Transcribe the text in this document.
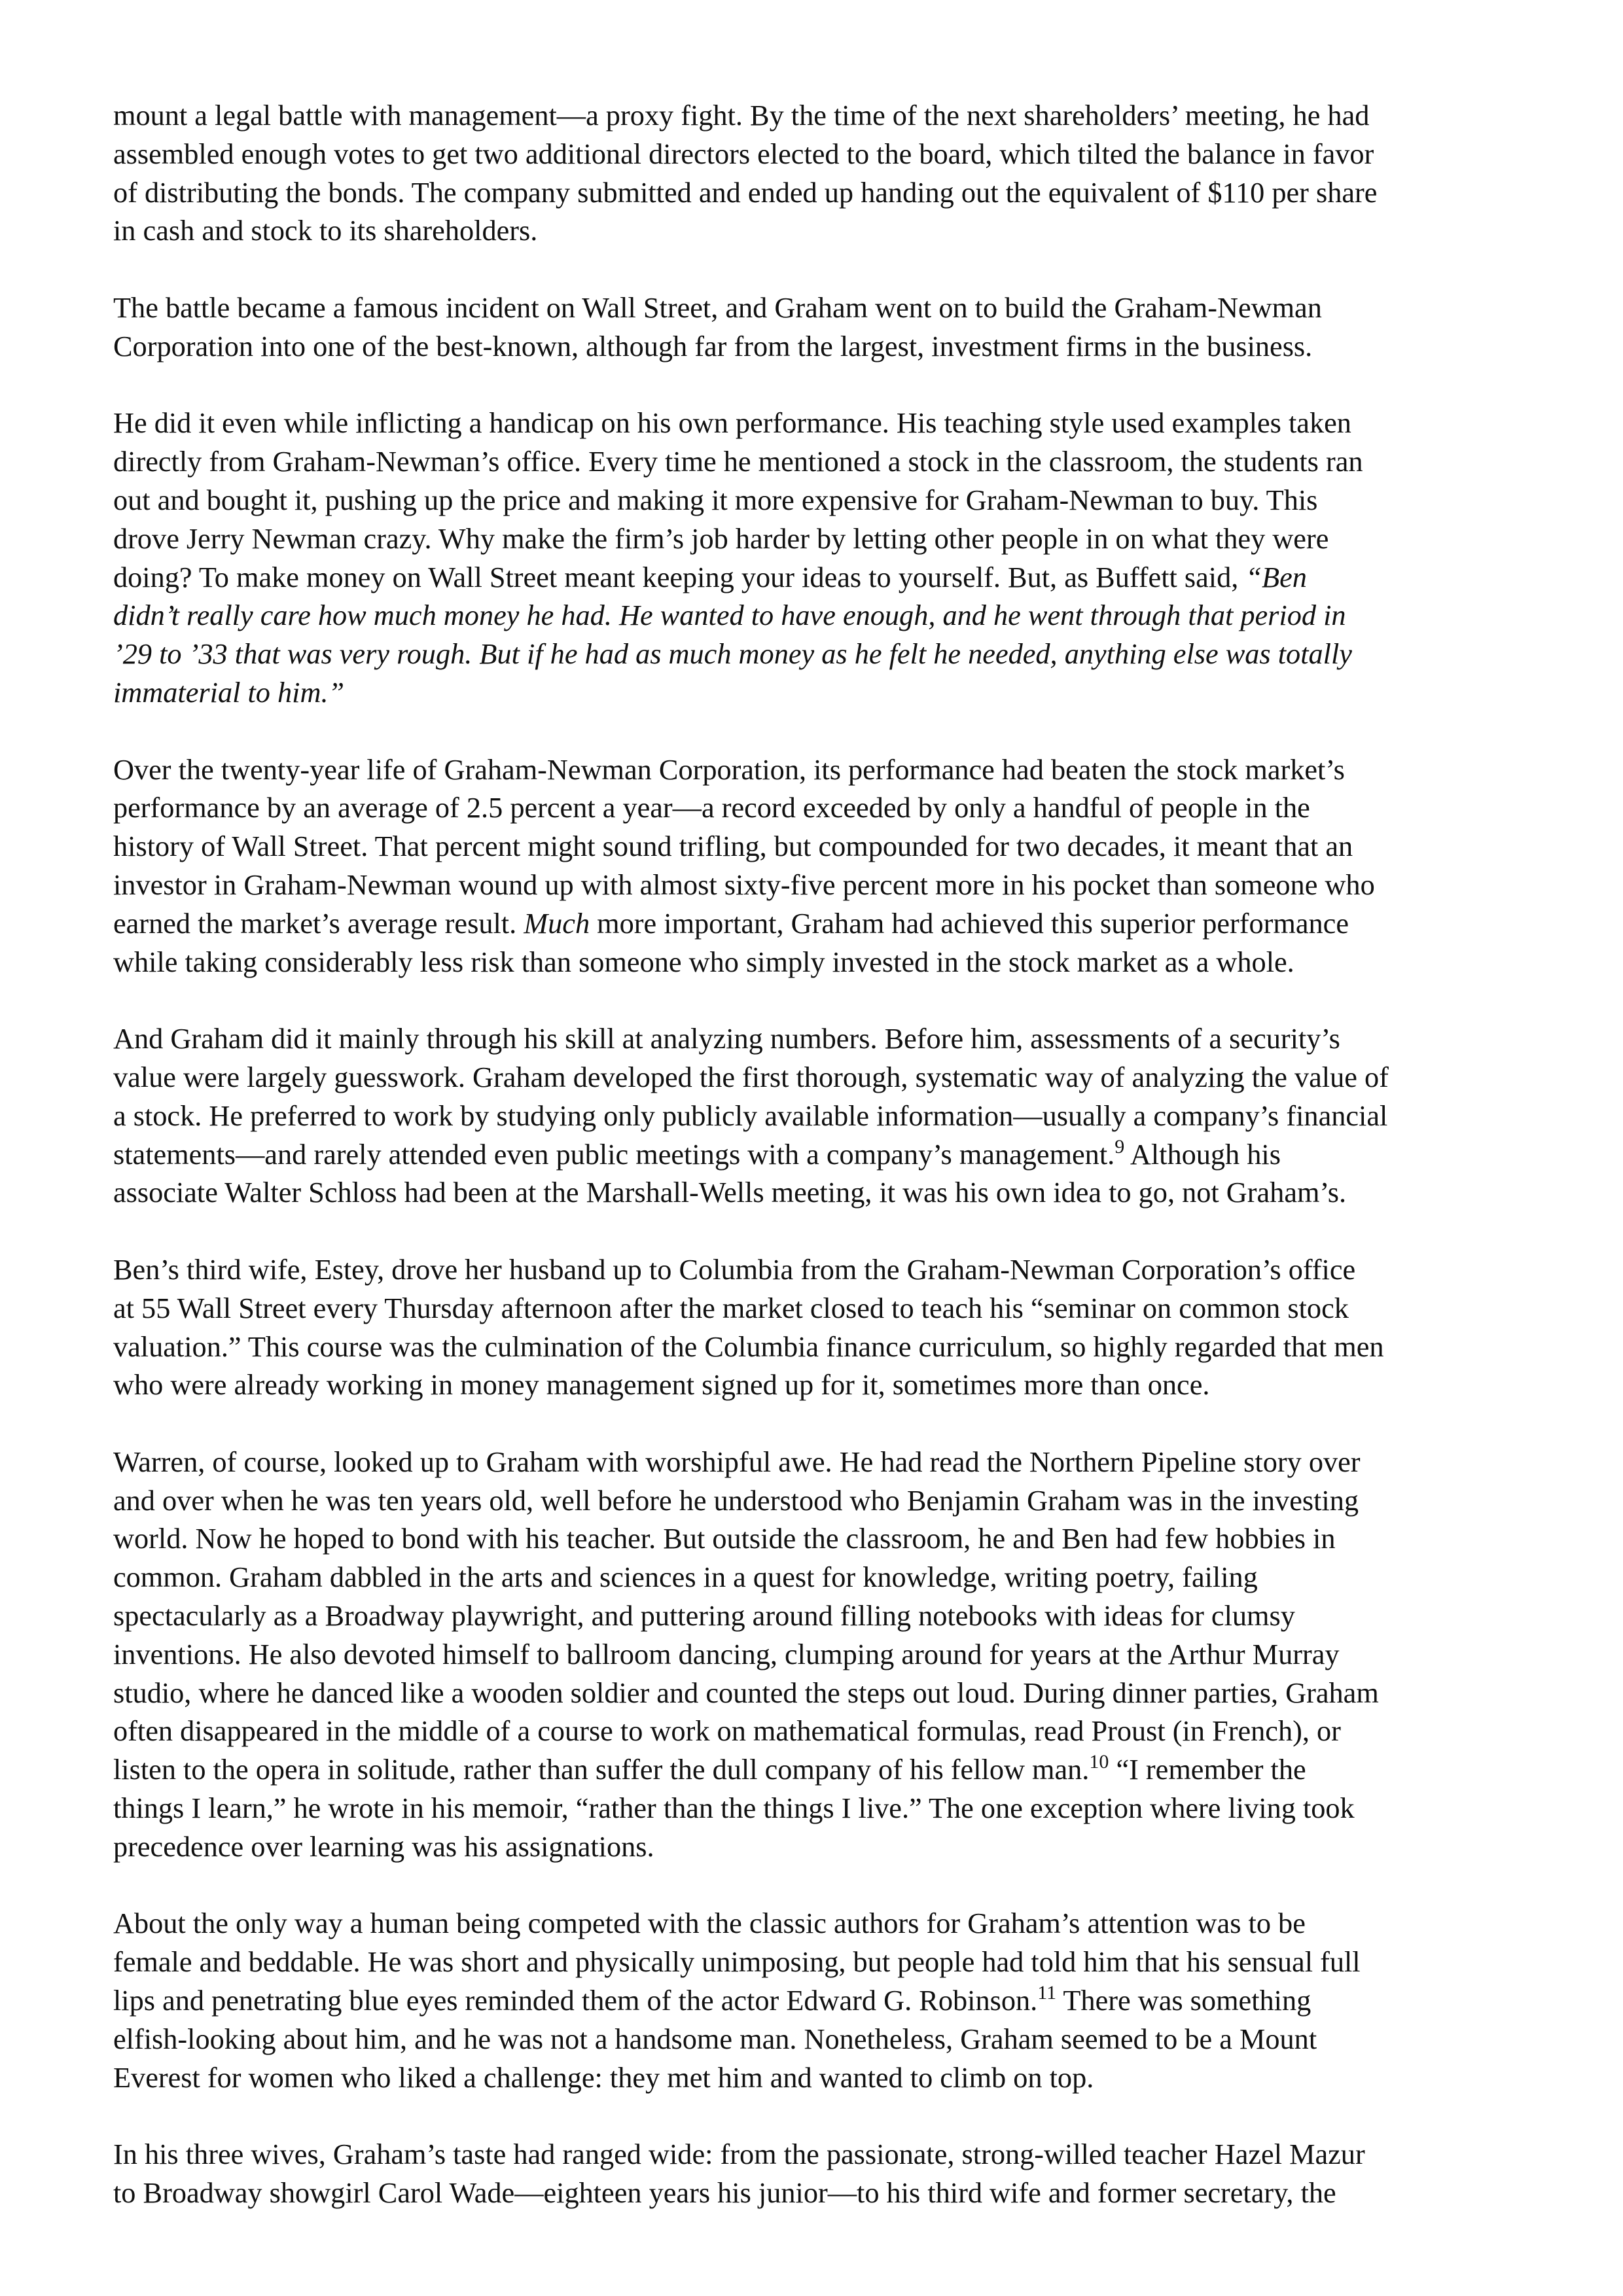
mount a legal battle with management—a proxy fight. By the time of the next shareholders’ meeting, he had
assembled enough votes to get two additional directors elected to the board, which tilted the balance in favor
of distributing the bonds. The company submitted and ended up handing out the equivalent of $110 per share
in cash and stock to its shareholders.

The battle became a famous incident on Wall Street, and Graham went on to build the Graham-Newman
Corporation into one of the best-known, although far from the largest, investment firms in the business.

He did it even while inflicting a handicap on his own performance. His teaching style used examples taken
directly from Graham-Newman’s office. Every time he mentioned a stock in the classroom, the students ran
out and bought it, pushing up the price and making it more expensive for Graham-Newman to buy. This
drove Jerry Newman crazy. Why make the firm’s job harder by letting other people in on what they were
doing? To make money on Wall Street meant keeping your ideas to yourself. But, as Buffett said, “Ben
didn’t really care how much money he had. He wanted to have enough, and he went through that period in
’29 to ’33 that was very rough. But if he had as much money as he felt he needed, anything else was totally
immaterial to him.”

Over the twenty-year life of Graham-Newman Corporation, its performance had beaten the stock market’s
performance by an average of 2.5 percent a year—a record exceeded by only a handful of people in the
history of Wall Street. That percent might sound trifling, but compounded for two decades, it meant that an
investor in Graham-Newman wound up with almost sixty-five percent more in his pocket than someone who
earned the market’s average result. Much more important, Graham had achieved this superior performance
while taking considerably less risk than someone who simply invested in the stock market as a whole.

And Graham did it mainly through his skill at analyzing numbers. Before him, assessments of a security’s
value were largely guesswork. Graham developed the first thorough, systematic way of analyzing the value of
a stock. He preferred to work by studying only publicly available information—usually a company’s financial
statements—and rarely attended even public meetings with a company’s management.$^9$ Although his
associate Walter Schloss had been at the Marshall-Wells meeting, it was his own idea to go, not Graham’s.

Ben’s third wife, Estey, drove her husband up to Columbia from the Graham-Newman Corporation’s office
at 55 Wall Street every Thursday afternoon after the market closed to teach his “seminar on common stock
valuation.” This course was the culmination of the Columbia finance curriculum, so highly regarded that men
who were already working in money management signed up for it, sometimes more than once.

Warren, of course, looked up to Graham with worshipful awe. He had read the Northern Pipeline story over
and over when he was ten years old, well before he understood who Benjamin Graham was in the investing
world. Now he hoped to bond with his teacher. But outside the classroom, he and Ben had few hobbies in
common. Graham dabbled in the arts and sciences in a quest for knowledge, writing poetry, failing
spectacularly as a Broadway playwright, and puttering around filling notebooks with ideas for clumsy
inventions. He also devoted himself to ballroom dancing, clumping around for years at the Arthur Murray
studio, where he danced like a wooden soldier and counted the steps out loud. During dinner parties, Graham
often disappeared in the middle of a course to work on mathematical formulas, read Proust (in French), or
listen to the opera in solitude, rather than suffer the dull company of his fellow man.$^{10}$ “I remember the
things I learn,” he wrote in his memoir, “rather than the things I live.” The one exception where living took
precedence over learning was his assignations.

About the only way a human being competed with the classic authors for Graham’s attention was to be
female and beddable. He was short and physically unimposing, but people had told him that his sensual full
lips and penetrating blue eyes reminded them of the actor Edward G. Robinson.$^{11}$ There was something
elfish-looking about him, and he was not a handsome man. Nonetheless, Graham seemed to be a Mount
Everest for women who liked a challenge: they met him and wanted to climb on top.

In his three wives, Graham’s taste had ranged wide: from the passionate, strong-willed teacher Hazel Mazur
to Broadway showgirl Carol Wade—eighteen years his junior—to his third wife and former secretary, the
